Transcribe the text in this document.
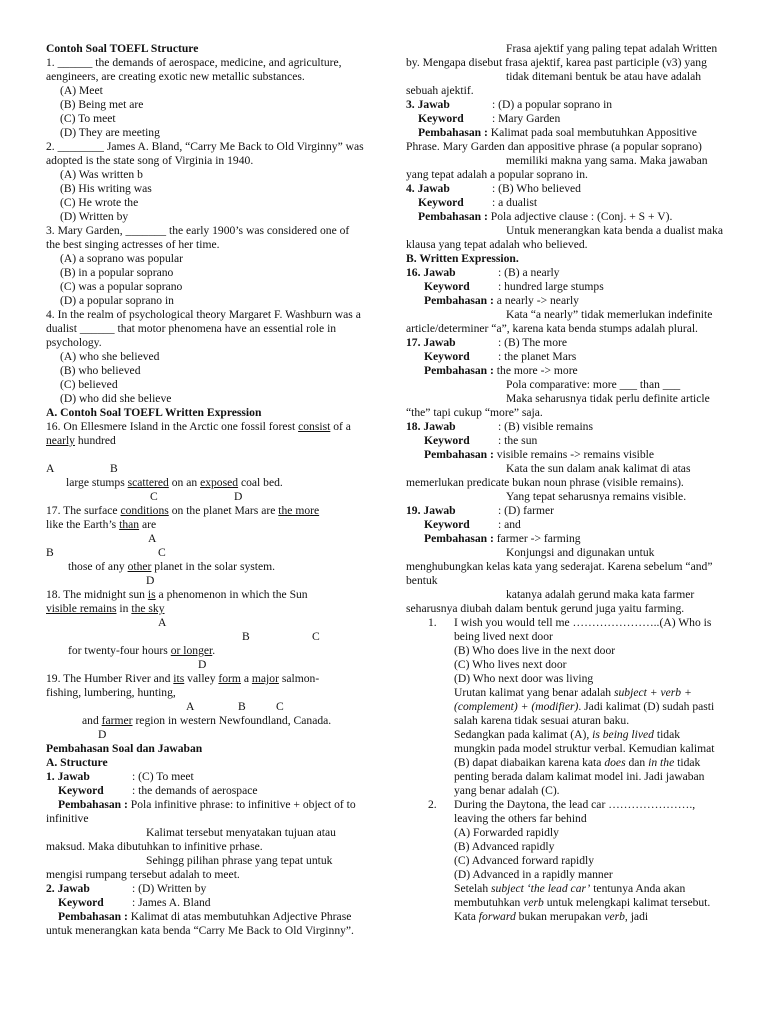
Contoh Soal TOEFL Structure

1. ______ the demands of aerospace, medicine, and agriculture, aengineers, are creating exotic new metallic substances.

(A) Meet

(B) Being met are

(C) To meet

(D) They are meeting

2. ________ James A. Bland, “Carry Me Back to Old Virginny” was adopted is the state song of Virginia in 1940.

(A) Was written b

(B) His writing was

(C) He wrote the

(D) Written by

3. Mary Garden, _______ the early 1900’s was considered one of the best singing actresses of her time.

(A) a soprano was popular

(B) in a popular soprano

(C) was a popular soprano

(D) a popular soprano in

4. In the realm of psychological theory Margaret F. Washburn was a dualist ______ that motor phenomena have an essential role in psychology.

(A) who she believed

(B) who believed

(C) believed

(D) who did she believe

A. Contoh Soal TOEFL Written Expression

16. On Ellesmere Island in the Arctic one fossil forest consist of a nearly hundred

A	B

large stumps scattered on an exposed coal bed.

C	D

17. The surface conditions on the planet Mars are the more

like the Earth’s than are

A
B	C

those of any other planet in the solar system.

D

18. The midnight sun is a phenomenon in which the Sun

visible remains in the sky

A
B	C

for twenty-four hours or longer.

D

19. The Humber River and its valley form a major salmon-

fishing, lumbering, hunting,

A	B	C

and farmer region in western Newfoundland, Canada.

D

Pembahasan Soal dan Jawaban

A. Structure

1. Jawab	: (C) To meet

Keyword : the demands of aerospace

Pembahasan : Pola infinitive phrase: to infinitive + object of to infinitive

Kalimat tersebut menyatakan tujuan atau maksud. Maka dibutuhkan to infinitive prhase.

Sehingg pilihan phrase yang tepat untuk mengisi rumpang tersebut adalah to meet.

2. Jawab	: (D) Written by

Keyword : James A. Bland

Pembahasan : Kalimat di atas membutuhkan Adjective Phrase untuk menerangkan kata benda “Carry Me Back to Old Virginny”.

Frasa ajektif yang paling tepat adalah Written by. Mengapa disebut frasa ajektif, karea past participle (v3) yang

tidak ditemani bentuk be atau have adalah sebuah ajektif.

3. Jawab	: (D) a popular soprano in

Keyword : Mary Garden

Pembahasan : Kalimat pada soal membutuhkan Appositive Phrase. Mary Garden dan appositive phrase (a popular soprano)

memiliki makna yang sama. Maka jawaban yang tepat adalah a popular soprano in.

4. Jawab	: (B) Who believed

Keyword : a dualist

Pembahasan : Pola adjective clause : (Conj. + S + V).

Untuk menerangkan kata benda a dualist maka klausa yang tepat adalah who believed.

B. Written Expression.

16. Jawab	: (B) a nearly

Keyword : hundred large stumps

Pembahasan : a nearly -> nearly

Kata “a nearly” tidak memerlukan indefinite article/determiner “a”, karena kata benda stumps adalah plural.

17. Jawab	: (B) The more

Keyword : the planet Mars

Pembahasan : the more -> more

Pola comparative: more ___ than ___

Maka seharusnya tidak perlu definite article “the” tapi cukup “more” saja.

18. Jawab	: (B) visible remains

Keyword : the sun

Pembahasan : visible remains -> remains visible

Kata the sun dalam anak kalimat di atas memerlukan predicate bukan noun phrase (visible remains).

Yang tepat seharusnya remains visible.

19. Jawab	: (D) farmer

Keyword : and

Pembahasan : farmer -> farming

Konjungsi and digunakan untuk menghubungkan kelas kata yang sederajat. Karena sebelum “and” bentuk

katanya adalah gerund maka kata farmer seharusnya diubah dalam bentuk gerund juga yaitu farming.

1. I wish you would tell me …………………..(A) Who is being lived next door

(B) Who does live in the next door

(C) Who lives next door

(D) Who next door was living

Urutan kalimat yang benar adalah subject + verb + (complement) + (modifier). Jadi kalimat (D) sudah pasti salah karena tidak sesuai aturan baku.

Sedangkan pada kalimat (A), is being lived tidak mungkin pada model struktur verbal. Kemudian kalimat (B) dapat diabaikan karena kata does dan in the tidak penting berada dalam kalimat model ini. Jadi jawaban yang benar adalah (C).

2. During the Daytona, the lead car …………………., leaving the others far behind

(A) Forwarded rapidly

(B) Advanced rapidly

(C) Advanced forward rapidly

(D) Advanced in a rapidly manner

Setelah subject ‘the lead car’ tentunya Anda akan membutuhkan verb untuk melengkapi kalimat tersebut. Kata forward bukan merupakan verb, jadi
